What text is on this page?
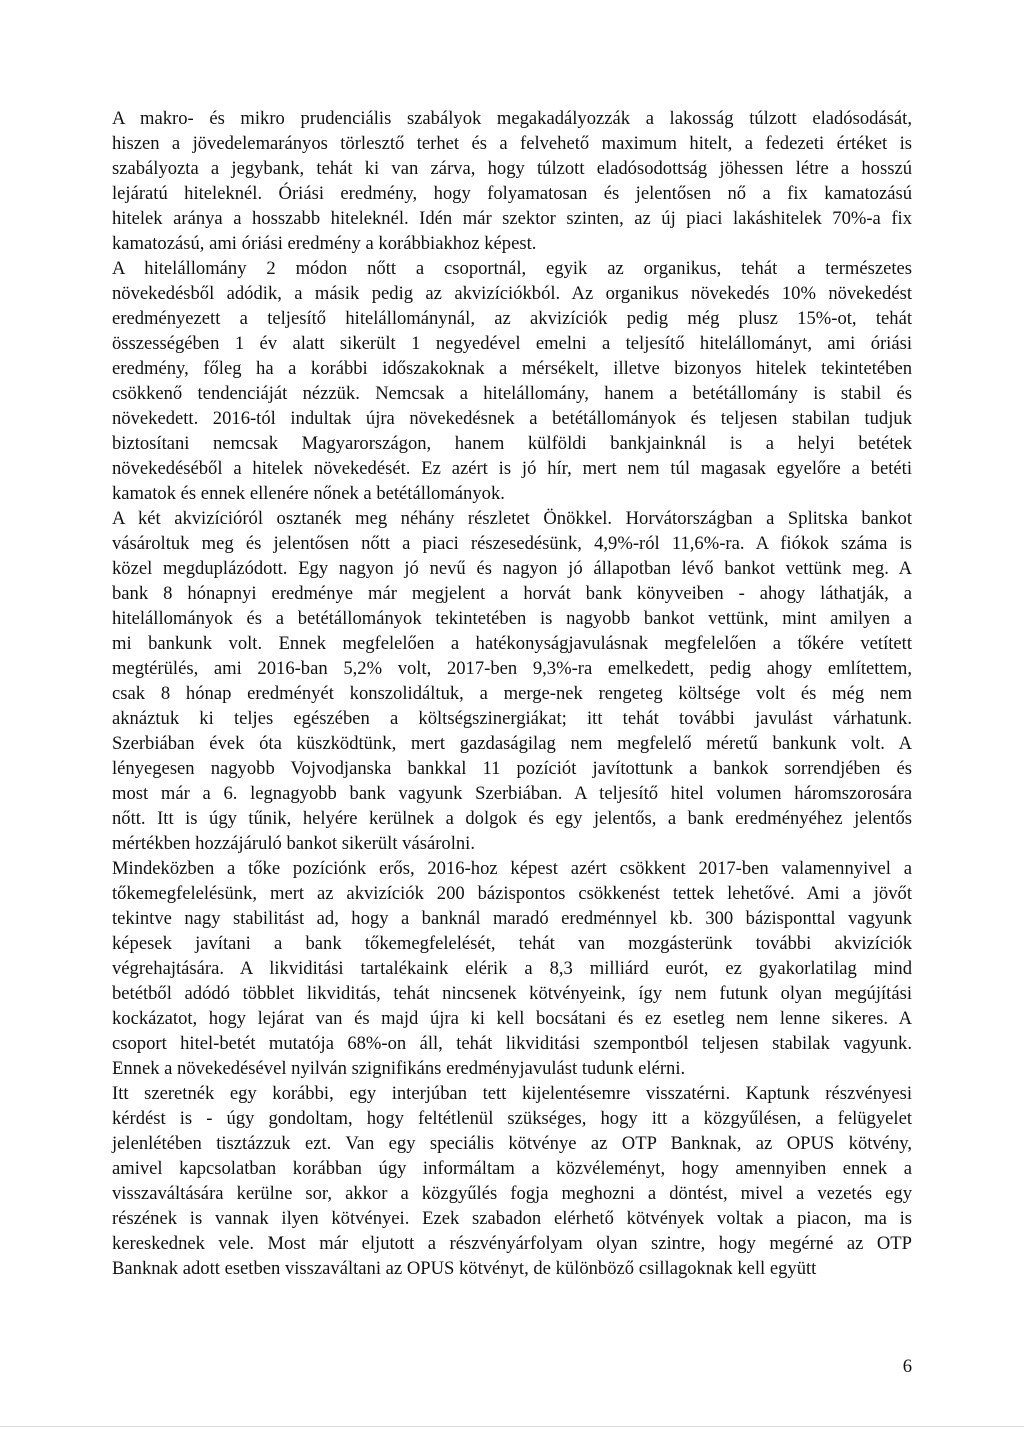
A makro- és mikro prudenciális szabályok megakadályozzák a lakosság túlzott eladósodását,
hiszen a jövedelemarányos törlesztő terhet és a felvehető maximum hitelt, a fedezeti értéket is
szabályozta a jegybank, tehát ki van zárva, hogy túlzott eladósodottság jöhessen létre a hosszú
lejáratú hiteleknél. Óriási eredmény, hogy folyamatosan és jelentősen nő a fix kamatozású
hitelek aránya a hosszabb hiteleknél. Idén már szektor szinten, az új piaci lakáshitelek 70%-a fix
kamatozású, ami óriási eredmény a korábbiakhoz képest.
A hitelállomány 2 módon nőtt a csoportnál, egyik az organikus, tehát a természetes
növekedésből adódik, a másik pedig az akvizíciókból. Az organikus növekedés 10% növekedést
eredményezett a teljesítő hitelállománynál, az akvizíciók pedig még plusz 15%-ot, tehát
összességében 1 év alatt sikerült 1 negyedével emelni a teljesítő hitelállományt, ami óriási
eredmény, főleg ha a korábbi időszakoknak a mérsékelt, illetve bizonyos hitelek tekintetében
csökkenő tendenciáját nézzük. Nemcsak a hitelállomány, hanem a betétállomány is stabil és
növekedett. 2016-tól indultak újra növekedésnek a betétállományok és teljesen stabilan tudjuk
biztosítani nemcsak Magyarországon, hanem külföldi bankjainknál is a helyi betétek
növekedéséből a hitelek növekedését. Ez azért is jó hír, mert nem túl magasak egyelőre a betéti
kamatok és ennek ellenére nőnek a betétállományok.
A két akvizícióról osztanék meg néhány részletet Önökkel. Horvátországban a Splitska bankot
vásároltuk meg és jelentősen nőtt a piaci részesedésünk, 4,9%-ról 11,6%-ra. A fiókok száma is
közel megduplázódott. Egy nagyon jó nevű és nagyon jó állapotban lévő bankot vettünk meg. A
bank 8 hónapnyi eredménye már megjelent a horvát bank könyveiben - ahogy láthatják, a
hitelállományok és a betétállományok tekintetében is nagyobb bankot vettünk, mint amilyen a
mi bankunk volt. Ennek megfelelően a hatékonyságjavulásnak megfelelően a tőkére vetített
megtérülés, ami 2016-ban 5,2% volt, 2017-ben 9,3%-ra emelkedett, pedig ahogy említettem,
csak 8 hónap eredményét konszolidáltuk, a merge-nek rengeteg költsége volt és még nem
aknáztuk ki teljes egészében a költségszinergiákat; itt tehát további javulást várhatunk.
Szerbiában évek óta küszködtünk, mert gazdaságilag nem megfelelő méretű bankunk volt. A
lényegesen nagyobb Vojvodjanska bankkal 11 pozíciót javítottunk a bankok sorrendjében és
most már a 6. legnagyobb bank vagyunk Szerbiában. A teljesítő hitel volumen háromszorosára
nőtt. Itt is úgy tűnik, helyére kerülnek a dolgok és egy jelentős, a bank eredményéhez jelentős
mértékben hozzájáruló bankot sikerült vásárolni.
Mindeközben a tőke pozíciónk erős, 2016-hoz képest azért csökkent 2017-ben valamennyivel a
tőkemegfelelésünk, mert az akvizíciók 200 bázispontos csökkenést tettek lehetővé. Ami a jövőt
tekintve nagy stabilitást ad, hogy a banknál maradó eredménnyel kb. 300 bázisponttal vagyunk
képesek javítani a bank tőkemegfelelését, tehát van mozgásterünk további akvizíciók
végrehajtására. A likviditási tartalékaink elérik a 8,3 milliárd eurót, ez gyakorlatilag mind
betétből adódó többlet likviditás, tehát nincsenek kötvényeink, így nem futunk olyan megújítási
kockázatot, hogy lejárat van és majd újra ki kell bocsátani és ez esetleg nem lenne sikeres. A
csoport hitel-betét mutatója 68%-on áll, tehát likviditási szempontból teljesen stabilak vagyunk.
Ennek a növekedésével nyilván szignifikáns eredményjavulást tudunk elérni.
Itt szeretnék egy korábbi, egy interjúban tett kijelentésemre visszatérni. Kaptunk részvényesi
kérdést is - úgy gondoltam, hogy feltétlenül szükséges, hogy itt a közgyűlésen, a felügyelet
jelenlétében tisztázzuk ezt. Van egy speciális kötvénye az OTP Banknak, az OPUS kötvény,
amivel kapcsolatban korábban úgy informáltam a közvéleményt, hogy amennyiben ennek a
visszaváltására kerülne sor, akkor a közgyűlés fogja meghozni a döntést, mivel a vezetés egy
részének is vannak ilyen kötvényei. Ezek szabadon elérhető kötvények voltak a piacon, ma is
kereskednek vele. Most már eljutott a részvényárfolyam olyan szintre, hogy megérné az OTP
Banknak adott esetben visszaváltani az OPUS kötvényt, de különböző csillagoknak kell együtt
6
